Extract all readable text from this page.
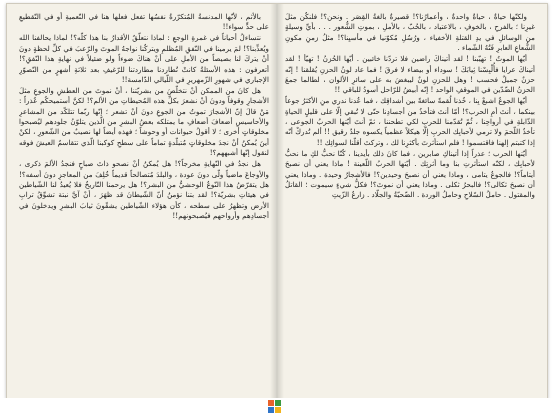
ولكنّها حياةٌ ، حياةٌ واحدةٌ ، وأعمارُنا؟! قصيرةٌ بالغةُ القِصَر . ونحن؟! فلنكُن مثلَ غيرِنا ؛ بالفرحِ ، بالخوفِ ، بالاعتياد ، بالحُبّ ، بالأملِ ، بموتِ الشُّعور . . . بأيِّ وسيلةٍ من الوسائلِ في يدِ القتلةِ الأخفياء ، ورُسُلِ مُكوّنيا في مأسيِنا؟! مثلُ زمنِ مكونِ الشُّعاعِ العابرِ فَتُهُ الشّماء .

أيّها الموتُ ! تهيّبنا ! لقد أتيناكَ راضين فلا تردّنا خائبين . أيّها الحُزنُ ! تهيّأ ! لقد أتيناكَ عرايا فأُلْبِسْنا ثِيابَكَ ! سوداء أو بيضاء لا فرقَ ! فما عاد لونُ الحزنِ يُقلقنا ! إنّه حزنٌ جميلٌ فحسب ! وهل للحزنِ لونٌ ليبغضَ به على سائرِ الألوان ، لطالما جمعَ الحزنُ الضّدّين في الموقفِ الواحد ! إنّه أبيضُ للرّاحل أسودُ للباقي !!

أيّها الجوعُ اشبعْ بِنا ، خُذنا لُقمةً سائغةً بين أشداقِك ، فما عُدنا ندري منِ الأكثرُ جوعاً بينكما ، أنتَ أمِ الحرب؟! أمّا أنتَ فتأخذُ من أجسادِنا حتّى لا تُبقي إلّا على قليلٍ الحياةِ الذّابلةِ في أرواحِنا ، ثُمّ تُقدّمنا للحربِ لكي تطحننا ، ثمّ أنتَ أيّتها الحربُ الجوعى ، تأخذُ اللّحمَ ولا ترمي لأحبابِك الحربِ إلّا هيكلاً عظمياً يكسوه جلدٌ رقيق !! ألم تُدركْ أنّه إذا كتبتم إلهنا فاقتسموا ! فلم استأثرتَ بأكثرِنا لك ، وتركتَ أقلّنا لسوائِك !!

أيّتها الحرب ؛ عذراً إذا أتيناكِ صابرين ، فما كانَ ذلك بأيدينا ، كُنّا نحبُّ لكِ ما نحبُّ لأحبابِك ، لكنّه استأثرتِ بنا وما أثرتِك . أيّتها الحربُ اللّعينة ! ماذا يعني أن نصبحَ أيتاماً؟! فالجوعُ يتامى ، وماذا يعني أن نصبحَ وحيدين؟! فالأشجارُ وحيدة . وماذا يعني أن نصبحَ ثكالى؟! فالبحرُ ثكلى . وماذا يعني أن نموتَ؟! فكلُّ شيءٍ سيموت ؛ القاتلُ والمقتول . حاملُ السّلاحِ وحاملُ الوردة . الضّحيّةُ والجلّاد . زارعُ الزّيتِ

بالأثم ، لأنّها المدنسةُ المُتكرّرةُ نفسُها تفعل فعلها هنا في التّعميةِ أو في التّقطيعِ على حدٍّ سواء!!

نتساءلُ أحياناً في غمرةِ الوجعِ : لماذا نتعلّقُ الأقدارُ بنا هذا كلّه؟! لماذا يحالفنا الله ويُعذِّبنا؟! لمَ يرمينا في النّفقِ المُظلمِ ويتركُنا نواجهُ الموتَ والرّعبَ في كلِّ لحظةٍ دونَ أنْ يتركَ لنا بصيصاً من الأملِ على أنْ هناكَ ضوءاً ولو ضئيلاً في نهايةِ هذا النّفقِ؟! أتعرفون : هذه الأسئلةُ كانتْ تُطاردنا مطاردتنا للرّغيفِ بعد ثلاثةِ أشهرٍ من التّصوّرِ الإجباري في شهورِ الزّمهريرِ في اللّيالي الدّامسة!!

هل كانَ من الممكن أنْ نتخلّصَ من بشريّتنا ، أنْ نموتَ من العطشِ والجوعِ مثلَ الأشجارِ وقوفاً ودونَ أنْ نشعرَ بكلِّ هذه المُحيطاتِ من الألم؟! لكنَّ أستميحكُم عُذراً : مَنْ قالَ إنّ الأشجارَ تموتُ من الجوعِ دونَ أنْ تشعر ؛ إنّها ربّما تتلكّد من المشاعرِ والأحاسيسِ أضعافَ أضعافِ ما يمتلكه بعضُ البشرِ من الّذين يتلوّنُ جلودهم ليُصبحوا مخلوقاتٍ أخرى ؛ لا أقولُ حيوانات أو وحوشاً ؛ فهذه أيضاً لها نصيبٌ من الشّعورِ ، لكنْ أينَ يُمكنُ أنْ نجدَ مخلوقاتٍ مُتبلّدةٍ تماماً على سطحِ كوكبنا الّذي تتقاسمُ العيشَ فوقه لنقول إنّها أشبههم؟!

هل نجدُ في النّهايةِ مخرجاً؟! هل يُمكنُ أنْ نصحو ذاتَ صباحٍ فنجدُ الألمَ ذكرى ، والأوجاعَ ماضياً ولّى دونَ عودة ، والبلدَ مُتصالحاً قديماً خُلِفَ من المعاجزِ دونَ أسفه؟! هل يتقرّضُ هذا النّوعُ الوحشيُّ من البشر؟! هل يرحمنا التّاريخُ فلا يُعيدُ لنا الشّياطين في هيئاتِ بشريّة؟! لقد بتنا نؤمنُ أنّ الشّيطانَ قد ظهَرَ ، أنْ آيَّ نبتة تشوِّقُ ترابِ الأرض وتظهرُ على سطحه ، كأن هؤلاء الشّياطين يشقّونَ ثيابَ البشرِ ويدخلونَ في أجسادِهم وأرواحهم فيُصبحونهم!!
